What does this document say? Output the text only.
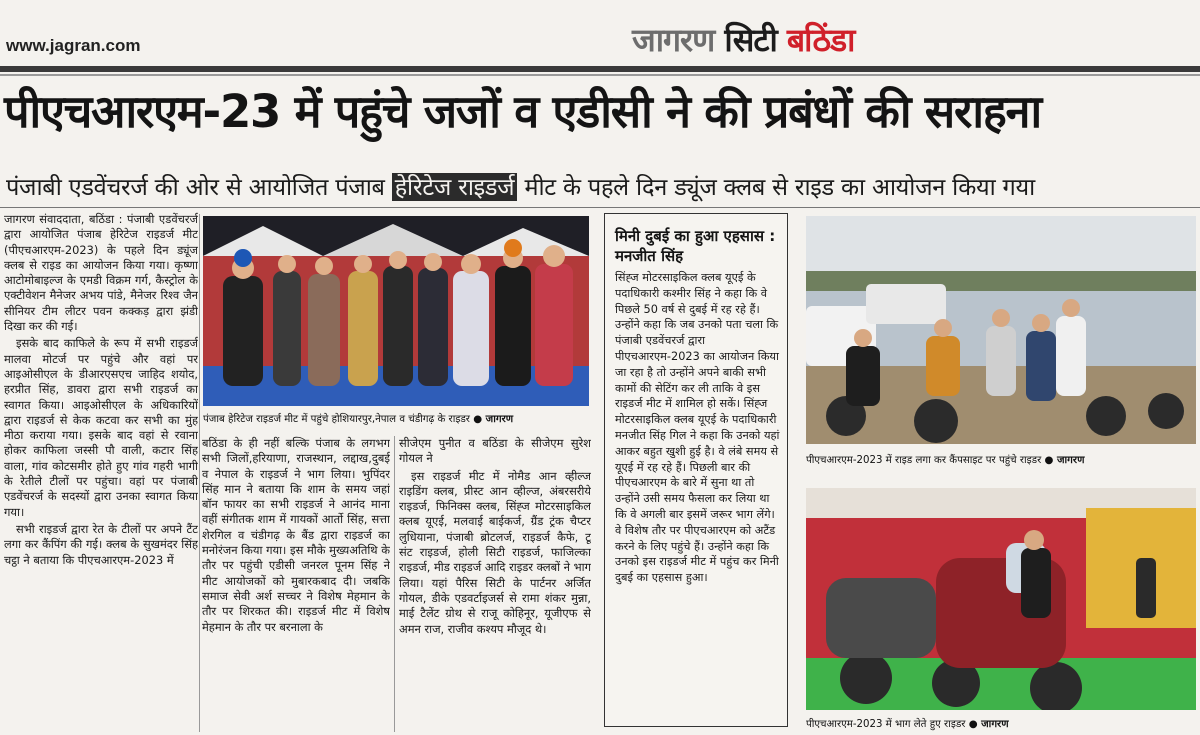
www.jagran.com	जागरण सिटी बठिंडा
पीएचआरएम-23 में पहुंचे जजों व एडीसी ने की प्रबंधों की सराहना
पंजाबी एडवेंचरर्ज की ओर से आयोजित पंजाब हेरिटेज राइडर्ज मीट के पहले दिन ड्यूंज क्लब से राइड का आयोजन किया गया

जागरण संवाददाता, बठिंडा : पंजाबी एडवेंचरर्ज द्वारा आयोजित पंजाब हेरिटेज राइडर्ज मीट (पीएचआरएम-2023) के पहले दिन ड्यूंज क्लब से राइड का आयोजन किया गया। कृष्णा आटोमोबाइल्ज के एमडी विक्रम गर्ग, कैस्ट्रोल के एक्टीवेशन मैनेजर अभय पांडे, मैनेजर रिश्व जैन सीनियर टीम लीटर पवन कक्कड़ द्वारा झंडी दिखा कर की गई।

इसके बाद काफिले के रूप में सभी राइडर्ज मालवा मोटर्ज पर पहुंचे और वहां पर आइओसीएल के डीआरएसएच जाहिद शयोद, हरप्रीत सिंह, डावरा द्वारा सभी राइडर्ज का स्वागत किया। आइओसीएल के अधिकारियों द्वारा राइडर्ज से केक कटवा कर सभी का मुंह मीठा कराया गया। इसके बाद वहां से रवाना होकर काफिला जस्सी पौ वाली, कटार सिंह वाला, गांव कोटसमीर होते हुए गांव गहरी भागी के रेतीले टीलों पर पहुंचा। वहां पर पंजाबी एडवेंचरर्ज के सदस्यों द्वारा उनका स्वागत किया गया।

सभी राइडर्ज द्वारा रेत के टीलों पर अपने टैंट लगा कर कैंपिंग की गई। क्लब के सुखमंदर सिंह चट्ठा ने बताया कि पीएचआरएम-2023 में

पंजाब हेरिटेज राइडर्ज मीट में पहुंचे होशियारपुर,नेपाल व चंडीगढ़ के राइडर ● जागरण

बठिंडा के ही नहीं बल्कि पंजाब के लगभग सभी जिलों,हरियाणा, राजस्थान, लद्दाख,दुबई व नेपाल के राइडर्ज ने भाग लिया। भुपिंदर सिंह मान ने बताया कि शाम के समय जहां बॉन फायर का सभी राइडर्ज ने आनंद माना वहीं संगीतक शाम में गायकों आर्तो सिंह, सत्ता शेरगिल व चंडीगढ़ के बैंड द्वारा राइडर्ज का मनोरंजन किया गया। इस मौके मुख्यअतिथि के तौर पर पहुंची एडीसी जनरल पूनम सिंह ने मीट आयोजकों को मुबारकबाद दी। जबकि समाज सेवी अर्श सच्चर ने विशेष मेहमान के तौर पर शिरकत की। राइडर्ज मीट में विशेष मेहमान के तौर पर बरनाला के

सीजेएम पुनीत व बठिंडा के सीजेएम सुरेश गोयल ने

इस राइडर्ज मीट में नोमैड आन व्हील्ज राइडिंग क्लब, प्रीस्ट आन व्हील्ज, अंबरसरीये राइडर्ज, फिनिक्स क्लब, सिंह्ज मोटरसाइकिल क्लब यूएई, मलवाई बाईकर्ज, ग्रैंड ट्रंक चैप्टर लुधियाना, पंजाबी ब्रोटलर्ज, राइडर्ज कैफे, टू संट राइडर्ज, होली सिटी राइडर्ज, फाजिल्का राइडर्ज, मीड राइडर्ज आदि राइडर क्लबों ने भाग लिया। यहां पैरिस सिटी के पार्टनर अर्जित गोयल, डीके एडवर्टाइजर्स से रामा शंकर मुन्ना, माई टैलेंट ग्रोथ से राजू कोहिनूर, यूजीएफ से अमन राज, राजीव कश्यप मौजूद थे।

मिनी दुबई का हुआ एहसास : मनजीत सिंह
सिंह्ज मोटरसाइकिल क्लब यूएई के पदाधिकारी कश्मीर सिंह ने कहा कि वे पिछले 50 वर्ष से दुबई में रह रहे हैं। उन्होंने कहा कि जब उनको पता चला कि पंजाबी एडवेंचरर्ज द्वारा पीएचआरएम-2023 का आयोजन किया जा रहा है तो उन्होंने अपने बाकी सभी कामों की सेटिंग कर ली ताकि वे इस राइडर्ज मीट में शामिल हो सकें। सिंह्ज मोटरसाइकिल क्लब यूएई के पदाधिकारी मनजीत सिंह गिल ने कहा कि उनको यहां आकर बहुत खुशी हुई है। वे लंबे समय से यूएई में रह रहे हैं। पिछली बार की पीएचआरएम के बारे में सुना था तो उन्होंने उसी समय फैसला कर लिया था कि वे अगली बार इसमें जरूर भाग लेंगे। वे विशेष तौर पर पीएचआरएम को अटैंड करने के लिए पहुंचे हैं। उन्होंने कहा कि उनको इस राइडर्ज मीट में पहुंच कर मिनी दुबई का एहसास हुआ।
पीएचआरएम-2023 में राइड लगा कर कैंपसाइट पर पहुंचे राइडर ● जागरण
पीएचआरएम-2023 में भाग लेते हुए राइडर ● जागरण
